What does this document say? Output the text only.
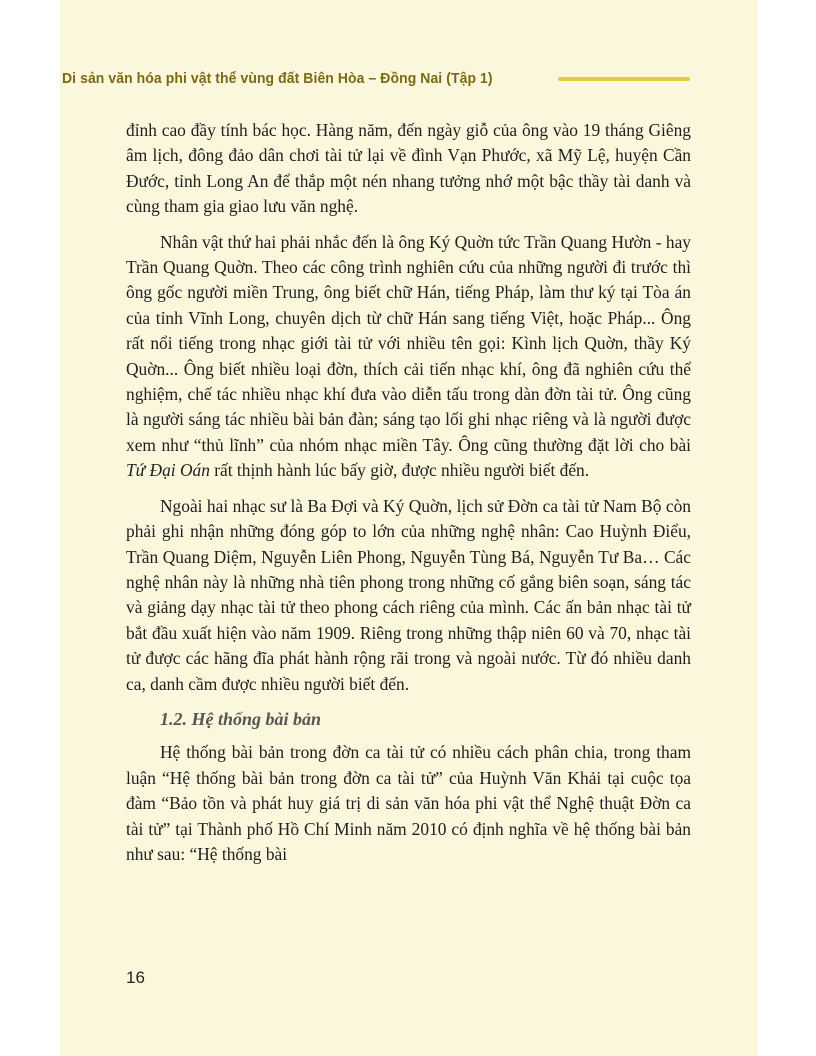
Di sản văn hóa phi vật thể vùng đất Biên Hòa – Đồng Nai (Tập 1)

đỉnh cao đầy tính bác học. Hàng năm, đến ngày giỗ của ông vào 19 tháng Giêng âm lịch, đông đảo dân chơi tài tử lại về đình Vạn Phước, xã Mỹ Lệ, huyện Cần Đước, tỉnh Long An để thắp một nén nhang tưởng nhớ một bậc thầy tài danh và cùng tham gia giao lưu văn nghệ.

Nhân vật thứ hai phải nhắc đến là ông Ký Quờn tức Trần Quang Hườn - hay Trần Quang Quờn. Theo các công trình nghiên cứu của những người đi trước thì ông gốc người miền Trung, ông biết chữ Hán, tiếng Pháp, làm thư ký tại Tòa án của tỉnh Vĩnh Long, chuyên dịch từ chữ Hán sang tiếng Việt, hoặc Pháp... Ông rất nổi tiếng trong nhạc giới tài tử với nhiều tên gọi: Kình lịch Quờn, thầy Ký Quờn... Ông biết nhiều loại đờn, thích cải tiến nhạc khí, ông đã nghiên cứu thể nghiệm, chế tác nhiều nhạc khí đưa vào diễn tấu trong dàn đờn tài tử. Ông cũng là người sáng tác nhiều bài bản đàn; sáng tạo lối ghi nhạc riêng và là người được xem như “thủ lĩnh” của nhóm nhạc miền Tây. Ông cũng thường đặt lời cho bài Tứ Đại Oán rất thịnh hành lúc bấy giờ, được nhiều người biết đến.

Ngoài hai nhạc sư là Ba Đợi và Ký Quờn, lịch sử Đờn ca tài tử Nam Bộ còn phải ghi nhận những đóng góp to lớn của những nghệ nhân: Cao Huỳnh Điểu, Trần Quang Diệm, Nguyễn Liên Phong, Nguyễn Tùng Bá, Nguyễn Tư Ba… Các nghệ nhân này là những nhà tiên phong trong những cố gắng biên soạn, sáng tác và giảng dạy nhạc tài tử theo phong cách riêng của mình. Các ấn bản nhạc tài tử bắt đầu xuất hiện vào năm 1909. Riêng trong những thập niên 60 và 70, nhạc tài tử được các hãng đĩa phát hành rộng rãi trong và ngoài nước. Từ đó nhiều danh ca, danh cầm được nhiều người biết đến.

1.2. Hệ thống bài bản

Hệ thống bài bản trong đờn ca tài tử có nhiều cách phân chia, trong tham luận “Hệ thống bài bản trong đờn ca tài tử” của Huỳnh Văn Khải tại cuộc tọa đàm “Bảo tồn và phát huy giá trị di sản văn hóa phi vật thể Nghệ thuật Đờn ca tài tử” tại Thành phố Hồ Chí Minh năm 2010 có định nghĩa về hệ thống bài bản như sau: “Hệ thống bài

16
